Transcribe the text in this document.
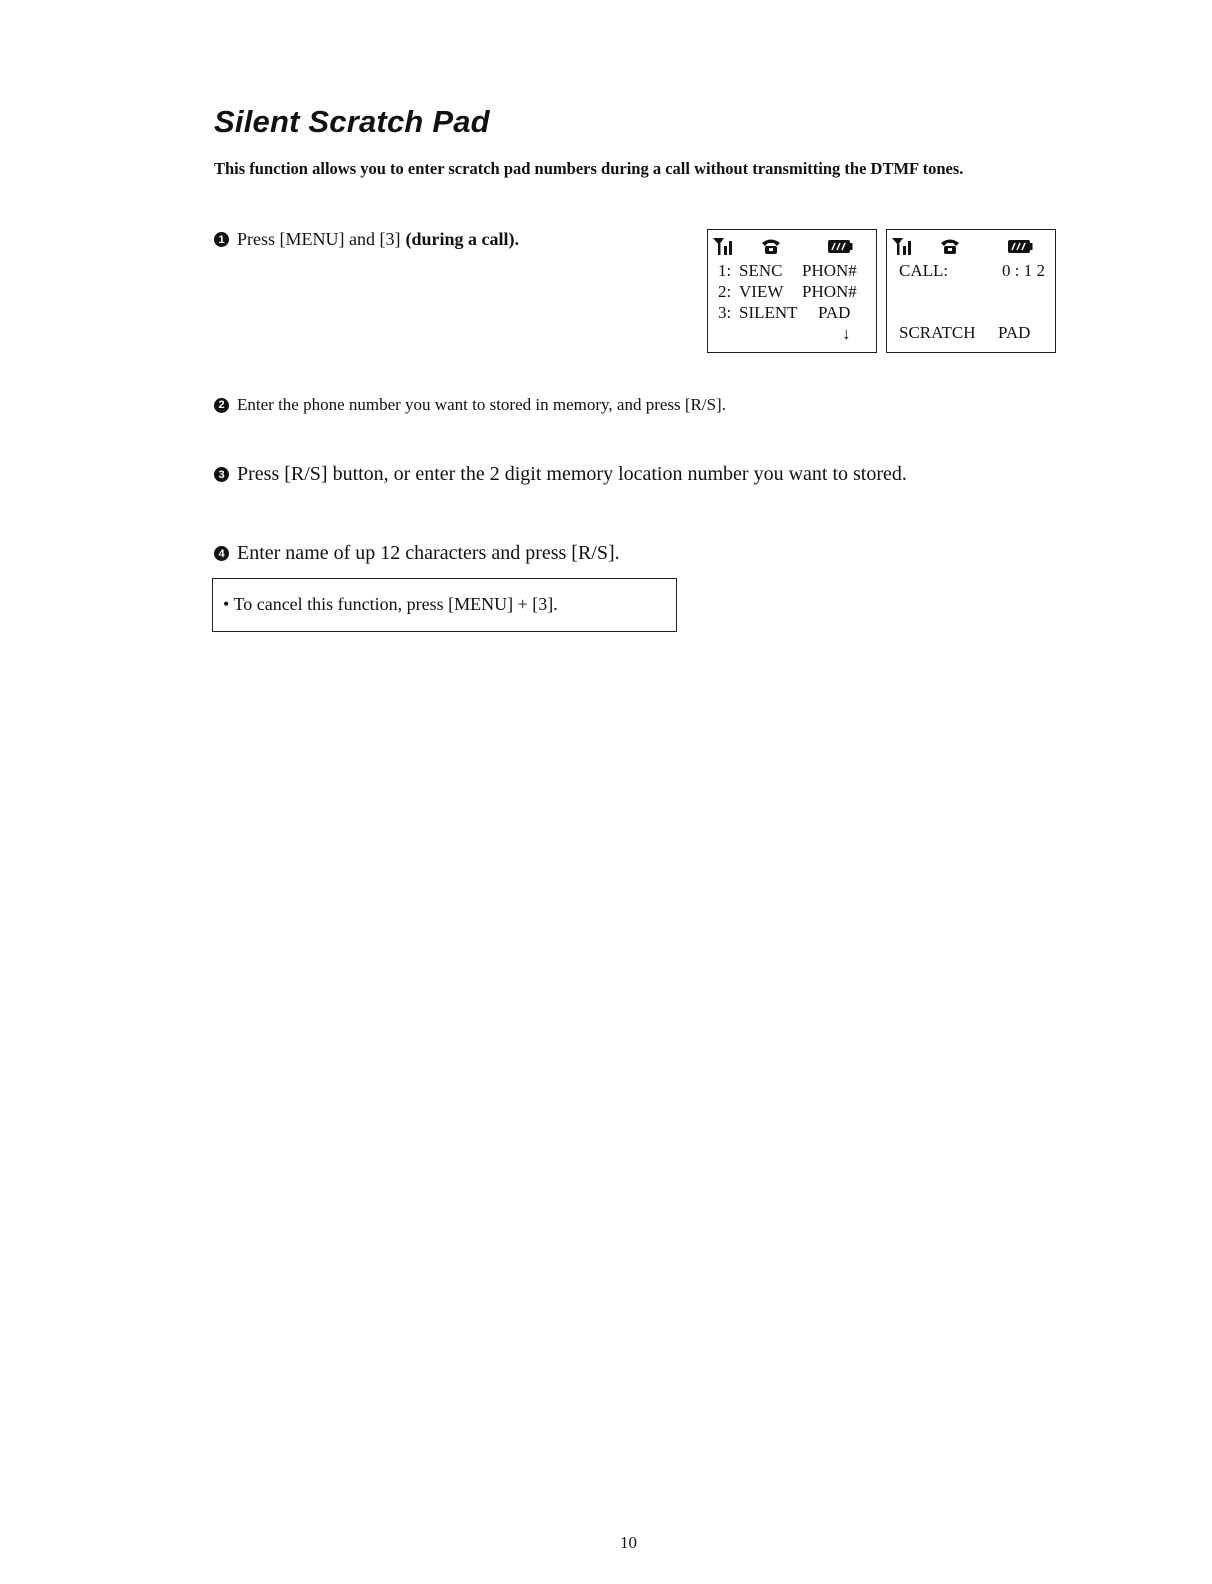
Silent Scratch Pad
This function allows you to enter scratch pad numbers during a call without transmitting the DTMF tones.
1 Press [MENU] and [3] (during a call).
1: SENC PHON#
2: VIEW PHON#
3: SILENT PAD
↓
CALL:	0 : 1 2
SCRATCH PAD
2 Enter the phone number you want to stored in memory, and press [R/S].
3 Press [R/S] button, or enter the 2 digit memory location number you want to stored.
4 Enter name of up 12 characters and press [R/S].
• To cancel this function, press [MENU] + [3].
10
